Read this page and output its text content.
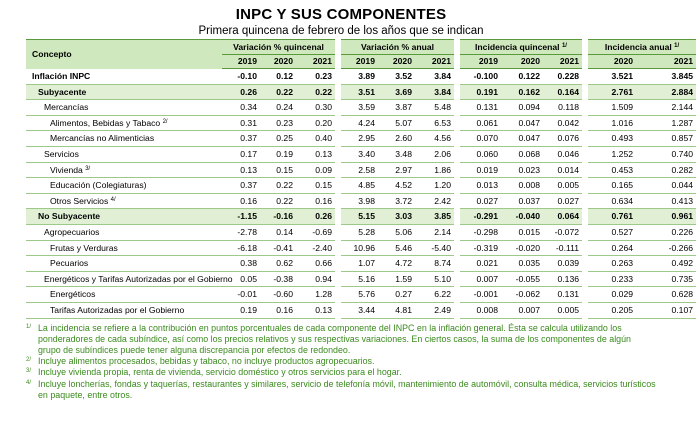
INPC Y SUS COMPONENTES
Primera quincena de febrero de los años que se indican
Concepto	Variación % quincenal			Variación % anual			Incidencia quincenal $^{1/}$			Incidencia anual $^{1/}$
	2019	2020	2021	2019	2020	2021	2019	2020	2021	2020	2021
Inflación INPC	-0.10	0.12	0.23	3.89	3.52	3.84	-0.100	0.122	0.228	3.521	3.845
Subyacente	0.26	0.22	0.22	3.51	3.69	3.84	0.191	0.162	0.164	2.761	2.884
Mercancías	0.34	0.24	0.30	3.59	3.87	5.48	0.131	0.094	0.118	1.509	2.144
Alimentos, Bebidas y Tabaco $^{2/}$	0.31	0.23	0.20	4.24	5.07	6.53	0.061	0.047	0.042	1.016	1.287
Mercancías no Alimenticias	0.37	0.25	0.40	2.95	2.60	4.56	0.070	0.047	0.076	0.493	0.857
Servicios	0.17	0.19	0.13	3.40	3.48	2.06	0.060	0.068	0.046	1.252	0.740
Vivienda $^{3/}$	0.13	0.15	0.09	2.58	2.97	1.86	0.019	0.023	0.014	0.453	0.282
Educación (Colegiaturas)	0.37	0.22	0.15	4.85	4.52	1.20	0.013	0.008	0.005	0.165	0.044
Otros Servicios $^{4/}$	0.16	0.22	0.16	3.98	3.72	2.42	0.027	0.037	0.027	0.634	0.413
No Subyacente	-1.15	-0.16	0.26	5.15	3.03	3.85	-0.291	-0.040	0.064	0.761	0.961
Agropecuarios	-2.78	0.14	-0.69	5.28	5.06	2.14	-0.298	0.015	-0.072	0.527	0.226
Frutas y Verduras	-6.18	-0.41	-2.40	10.96	5.46	-5.40	-0.319	-0.020	-0.111	0.264	-0.266
Pecuarios	0.38	0.62	0.66	1.07	4.72	8.74	0.021	0.035	0.039	0.263	0.492
Energéticos y Tarifas Autorizadas por el Gobierno	0.05	-0.38	0.94	5.16	1.59	5.10	0.007	-0.055	0.136	0.233	0.735
Energéticos	-0.01	-0.60	1.28	5.76	0.27	6.22	-0.001	-0.062	0.131	0.029	0.628
Tarifas Autorizadas por el Gobierno	0.19	0.16	0.13	3.44	4.81	2.49	0.008	0.007	0.005	0.205	0.107
1/ La incidencia se refiere a la contribución en puntos porcentuales de cada componente del INPC en la inflación general. Ésta se calcula utilizando los ponderadores de cada subíndice, así como los precios relativos y sus respectivas variaciones. En ciertos casos, la suma de los componentes de algún grupo de subíndices puede tener alguna discrepancia por efectos de redondeo.
2/ Incluye alimentos procesados, bebidas y tabaco, no incluye productos agropecuarios.
3/ Incluye vivienda propia, renta de vivienda, servicio doméstico y otros servicios para el hogar.
4/ Incluye loncherías, fondas y taquerías, restaurantes y similares, servicio de telefonía móvil, mantenimiento de automóvil, consulta médica, servicios turísticos en paquete, entre otros.
